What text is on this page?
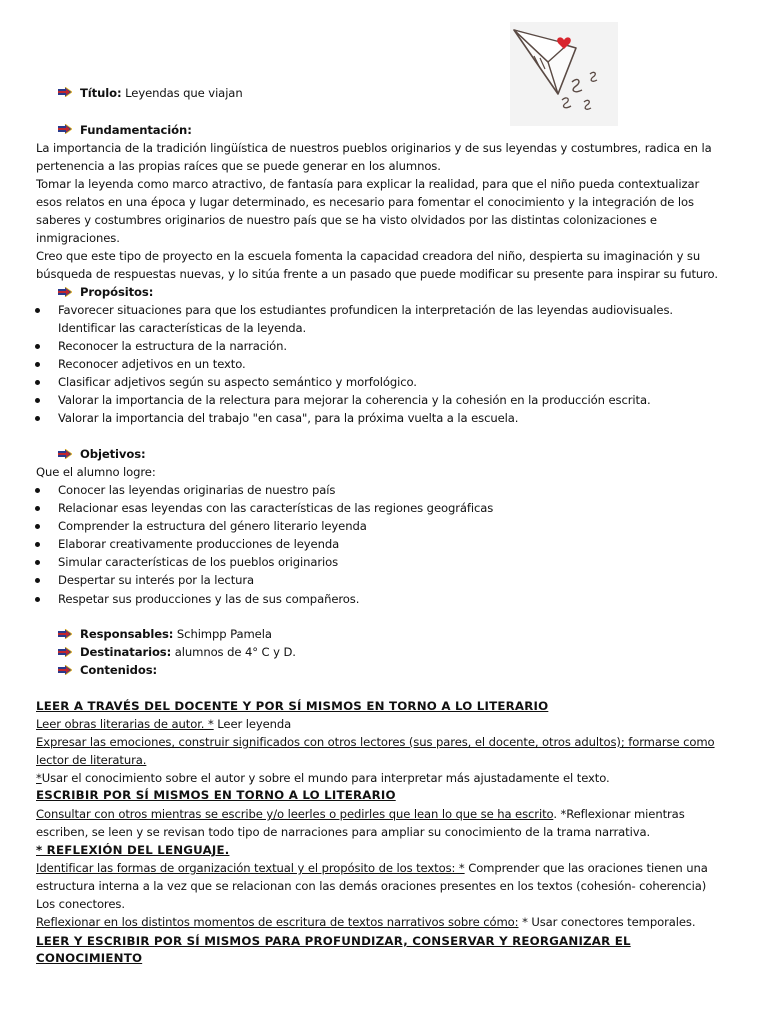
Título: Leyendas que viajan
Fundamentación:
La importancia de la tradición lingüística de nuestros pueblos originarios y de sus leyendas y costumbres, radica en la
pertenencia a las propias raíces que se puede generar en los alumnos.
Tomar la leyenda como marco atractivo, de fantasía para explicar la realidad, para que el niño pueda contextualizar
esos relatos en una época y lugar determinado, es necesario para fomentar el conocimiento y la integración de los
saberes y costumbres originarios de nuestro país que se ha visto olvidados por las distintas colonizaciones e
inmigraciones.
Creo que este tipo de proyecto en la escuela fomenta la capacidad creadora del niño, despierta su imaginación y su
búsqueda de respuestas nuevas, y lo sitúa frente a un pasado que puede modificar su presente para inspirar su futuro.
Propósitos:
Favorecer situaciones para que los estudiantes profundicen la interpretación de las leyendas audiovisuales.
Identificar las características de la leyenda.
Reconocer la estructura de la narración.
Reconocer adjetivos en un texto.
Clasificar adjetivos según su aspecto semántico y morfológico.
Valorar la importancia de la relectura para mejorar la coherencia y la cohesión en la producción escrita.
Valorar la importancia del trabajo "en casa", para la próxima vuelta a la escuela.
Objetivos:
Que el alumno logre:
Conocer las leyendas originarias de nuestro país
Relacionar esas leyendas con las características de las regiones geográficas
Comprender la estructura del género literario leyenda
Elaborar creativamente producciones de leyenda
Simular características de los pueblos originarios
Despertar su interés por la lectura
Respetar sus producciones y las de sus compañeros.
Responsables: Schimpp Pamela
Destinatarios: alumnos de 4° C y D.
Contenidos:
LEER A TRAVÉS DEL DOCENTE Y POR SÍ MISMOS EN TORNO A LO LITERARIO
Leer obras literarias de autor. * Leer leyenda
Expresar las emociones, construir significados con otros lectores (sus pares, el docente, otros adultos); formarse como
lector de literatura.
*Usar el conocimiento sobre el autor y sobre el mundo para interpretar más ajustadamente el texto.
ESCRIBIR POR SÍ MISMOS EN TORNO A LO LITERARIO
Consultar con otros mientras se escribe y/o leerles o pedirles que lean lo que se ha escrito. *Reflexionar mientras
escriben, se leen y se revisan todo tipo de narraciones para ampliar su conocimiento de la trama narrativa.
* REFLEXIÓN DEL LENGUAJE.
Identificar las formas de organización textual y el propósito de los textos: * Comprender que las oraciones tienen una
estructura interna a la vez que se relacionan con las demás oraciones presentes en los textos (cohesión- coherencia)
Los conectores.
Reflexionar en los distintos momentos de escritura de textos narrativos sobre cómo: * Usar conectores temporales.
LEER Y ESCRIBIR POR SÍ MISMOS PARA PROFUNDIZAR, CONSERVAR Y REORGANIZAR EL
CONOCIMIENTO
